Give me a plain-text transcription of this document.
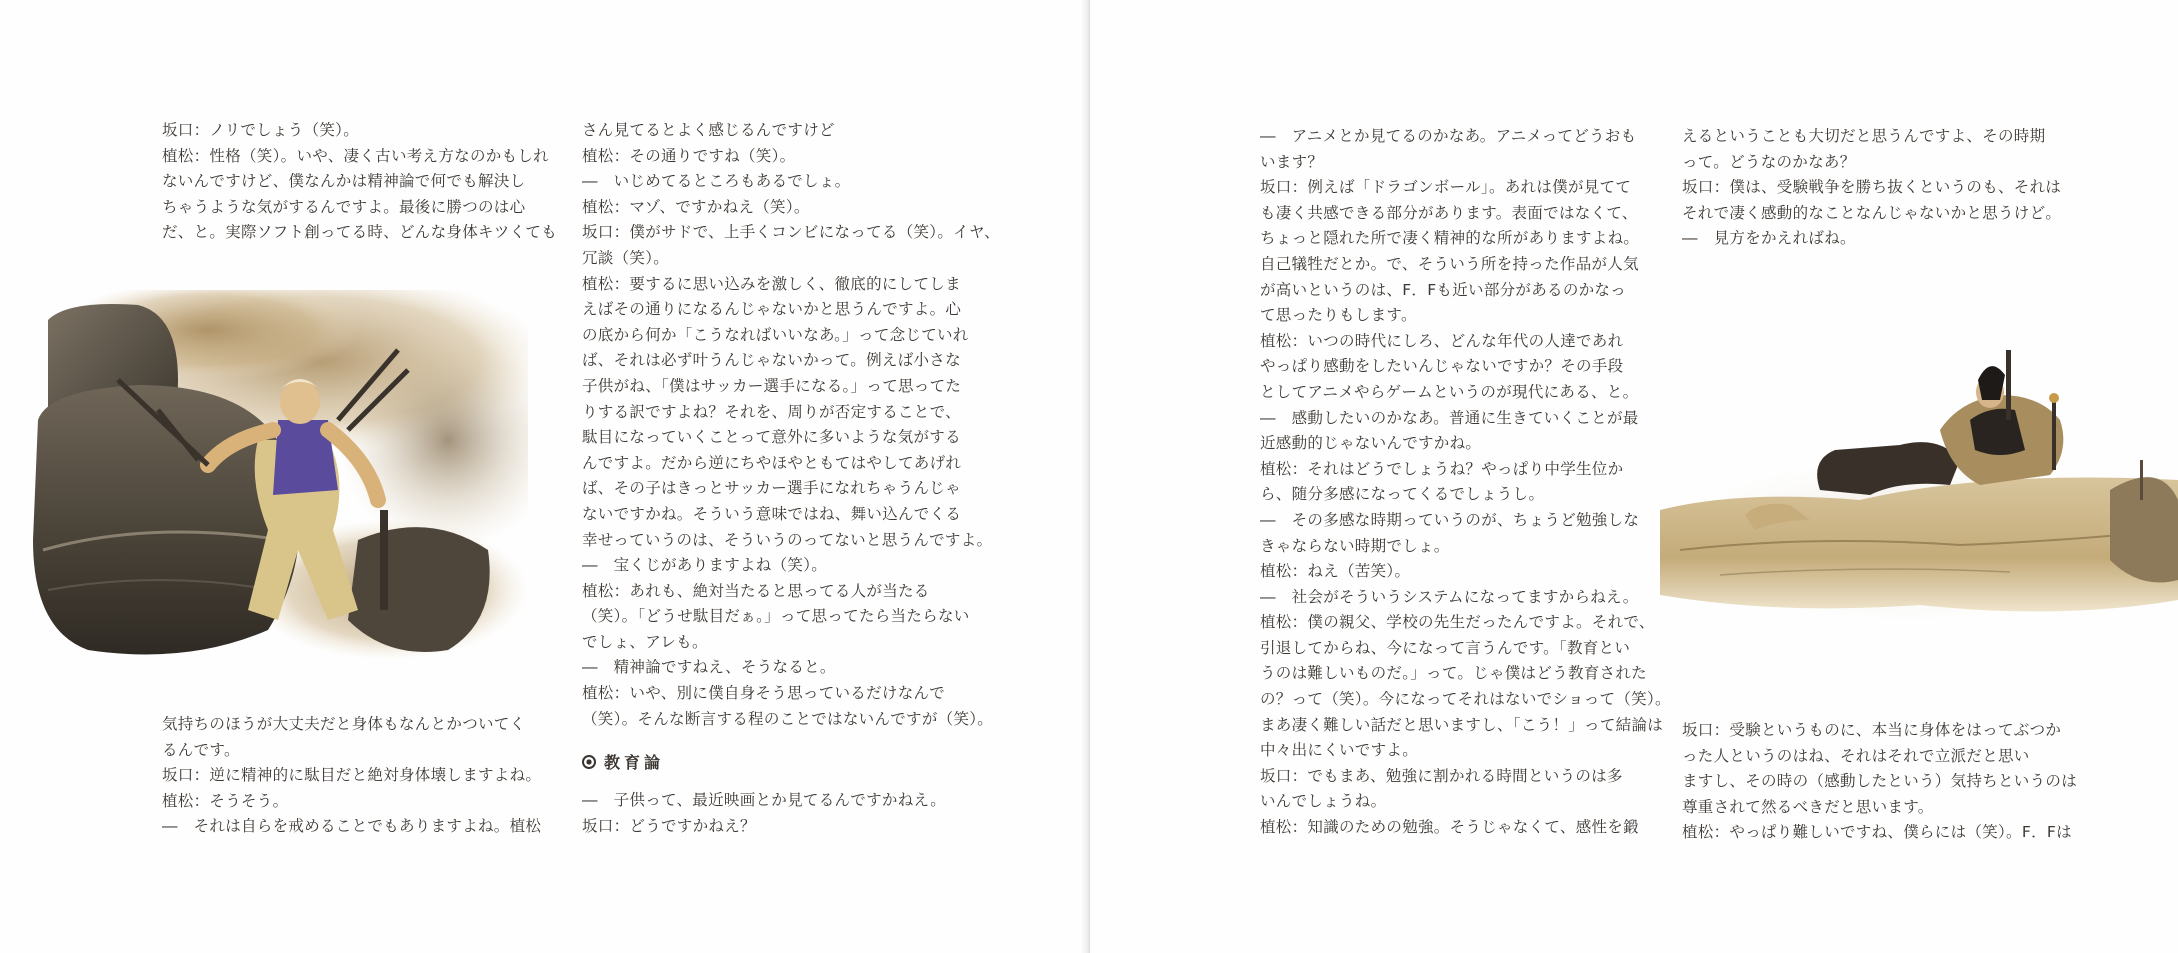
坂口：ノリでしょう（笑）。
植松：性格（笑）。いや、凄く古い考え方なのかもしれ
ないんですけど、僕なんかは精神論で何でも解決し
ちゃうような気がするんですよ。最後に勝つのは心
だ、と。実際ソフト創ってる時、どんな身体キツくても
気持ちのほうが大丈夫だと身体もなんとかついてく
るんです。
坂口：逆に精神的に駄目だと絶対身体壊しますよね。
植松：そうそう。
―　それは自らを戒めることでもありますよね。植松
さん見てるとよく感じるんですけど
植松：その通りですね（笑）。
―　いじめてるところもあるでしょ。
植松：マゾ、ですかねえ（笑）。
坂口：僕がサドで、上手くコンビになってる（笑）。イヤ、
冗談（笑）。
植松：要するに思い込みを激しく、徹底的にしてしま
えばその通りになるんじゃないかと思うんですよ。心
の底から何か「こうなればいいなあ。」って念じていれ
ば、それは必ず叶うんじゃないかって。例えば小さな
子供がね、「僕はサッカー選手になる。」って思ってた
りする訳ですよね？それを、周りが否定することで、
駄目になっていくことって意外に多いような気がする
んですよ。だから逆にちやほやともてはやしてあげれ
ば、その子はきっとサッカー選手になれちゃうんじゃ
ないですかね。そういう意味ではね、舞い込んでくる
幸せっていうのは、そういうのってないと思うんですよ。
―　宝くじがありますよね（笑）。
植松：あれも、絶対当たると思ってる人が当たる
（笑）。「どうせ駄目だぁ。」って思ってたら当たらない
でしょ、アレも。
―　精神論ですねえ、そうなると。
植松：いや、別に僕自身そう思っているだけなんで
（笑）。そんな断言する程のことではないんですが（笑）。
教育論
―　子供って、最近映画とか見てるんですかねえ。
坂口：どうですかねえ？
―　アニメとか見てるのかなあ。アニメってどうおも
います？
坂口：例えば「ドラゴンボール」。あれは僕が見てて
も凄く共感できる部分があります。表面ではなくて、
ちょっと隠れた所で凄く精神的な所がありますよね。
自己犠牲だとか。で、そういう所を持った作品が人気
が高いというのは、F．Fも近い部分があるのかなっ
て思ったりもします。
植松：いつの時代にしろ、どんな年代の人達であれ
やっぱり感動をしたいんじゃないですか？その手段
としてアニメやらゲームというのが現代にある、と。
―　感動したいのかなあ。普通に生きていくことが最
近感動的じゃないんですかね。
植松：それはどうでしょうね？やっぱり中学生位か
ら、随分多感になってくるでしょうし。
―　その多感な時期っていうのが、ちょうど勉強しな
きゃならない時期でしょ。
植松：ねえ（苦笑）。
―　社会がそういうシステムになってますからねえ。
植松：僕の親父、学校の先生だったんですよ。それで、
引退してからね、今になって言うんです。「教育とい
うのは難しいものだ。」って。じゃ僕はどう教育された
の？って（笑）。今になってそれはないでショって（笑）。
まあ凄く難しい話だと思いますし、「こう！」って結論は
中々出にくいですよ。
坂口：でもまあ、勉強に割かれる時間というのは多
いんでしょうね。
植松：知識のための勉強。そうじゃなくて、感性を鍛
えるということも大切だと思うんですよ、その時期
って。どうなのかなあ？
坂口：僕は、受験戦争を勝ち抜くというのも、それは
それで凄く感動的なことなんじゃないかと思うけど。
―　見方をかえればね。
坂口：受験というものに、本当に身体をはってぶつか
った人というのはね、それはそれで立派だと思い
ますし、その時の（感動したという）気持ちというのは
尊重されて然るべきだと思います。
植松：やっぱり難しいですね、僕らには（笑）。F．Fは
